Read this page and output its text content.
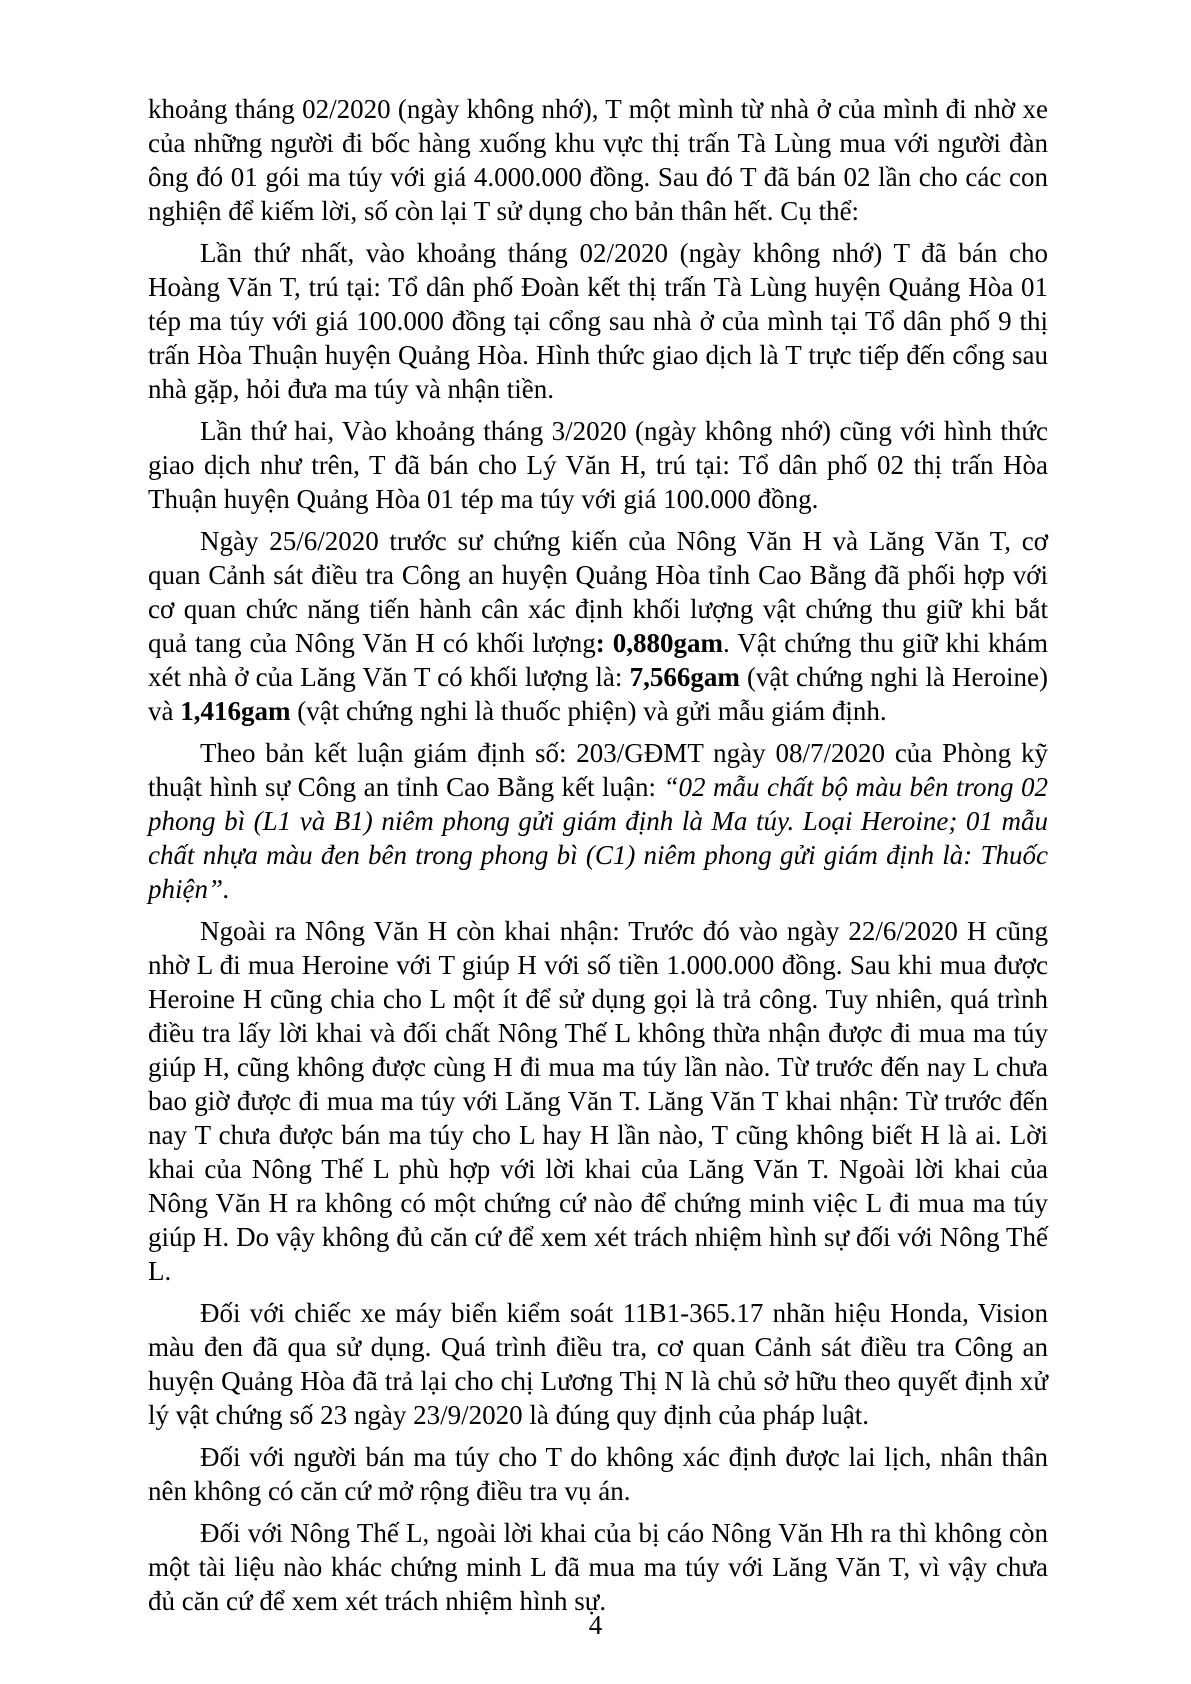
khoảng tháng 02/2020 (ngày không nhớ), T một mình từ nhà ở của mình đi nhờ xe của những người đi bốc hàng xuống khu vực thị trấn Tà Lùng mua với người đàn ông đó 01 gói ma túy với giá 4.000.000 đồng. Sau đó T đã bán 02 lần cho các con nghiện để kiếm lời, số còn lại T sử dụng cho bản thân hết. Cụ thể:

Lần thứ nhất, vào khoảng tháng 02/2020 (ngày không nhớ) T đã bán cho Hoàng Văn T, trú tại: Tổ dân phố Đoàn kết thị trấn Tà Lùng huyện Quảng Hòa 01 tép ma túy với giá 100.000 đồng tại cổng sau nhà ở của mình tại Tổ dân phố 9 thị trấn Hòa Thuận huyện Quảng Hòa. Hình thức giao dịch là T trực tiếp đến cổng sau nhà gặp, hỏi đưa ma túy và nhận tiền.

Lần thứ hai, Vào khoảng tháng 3/2020 (ngày không nhớ) cũng với hình thức giao dịch như trên, T đã bán cho Lý Văn H, trú tại: Tổ dân phố 02 thị trấn Hòa Thuận huyện Quảng Hòa 01 tép ma túy với giá 100.000 đồng.

Ngày 25/6/2020 trước sư chứng kiến của Nông Văn H và Lăng Văn T, cơ quan Cảnh sát điều tra Công an huyện Quảng Hòa tỉnh Cao Bằng đã phối hợp với cơ quan chức năng tiến hành cân xác định khối lượng vật chứng thu giữ khi bắt quả tang của Nông Văn H có khối lượng: 0,880gam. Vật chứng thu giữ khi khám xét nhà ở của Lăng Văn T có khối lượng là: 7,566gam (vật chứng nghi là Heroine) và 1,416gam (vật chứng nghi là thuốc phiện) và gửi mẫu giám định.

Theo bản kết luận giám định số: 203/GĐMT ngày 08/7/2020 của Phòng kỹ thuật hình sự Công an tỉnh Cao Bằng kết luận: “02 mẫu chất bộ màu bên trong 02 phong bì (L1 và B1) niêm phong gửi giám định là Ma túy. Loại Heroine; 01 mẫu chất nhựa màu đen bên trong phong bì (C1) niêm phong gửi giám định là: Thuốc phiện”.

Ngoài ra Nông Văn H còn khai nhận: Trước đó vào ngày 22/6/2020 H cũng nhờ L đi mua Heroine với T giúp H với số tiền 1.000.000 đồng. Sau khi mua được Heroine H cũng chia cho L một ít để sử dụng gọi là trả công. Tuy nhiên, quá trình điều tra lấy lời khai và đối chất Nông Thế L không thừa nhận được đi mua ma túy giúp H, cũng không được cùng H đi mua ma túy lần nào. Từ trước đến nay L chưa bao giờ được đi mua ma túy với Lăng Văn T. Lăng Văn T khai nhận: Từ trước đến nay T chưa được bán ma túy cho L hay H lần nào, T cũng không biết H là ai. Lời khai của Nông Thế L phù hợp với lời khai của Lăng Văn T. Ngoài lời khai của Nông Văn H ra không có một chứng cứ nào để chứng minh việc L đi mua ma túy giúp H. Do vậy không đủ căn cứ để xem xét trách nhiệm hình sự đối với Nông Thế L.

Đối với chiếc xe máy biển kiểm soát 11B1-365.17 nhãn hiệu Honda, Vision màu đen đã qua sử dụng. Quá trình điều tra, cơ quan Cảnh sát điều tra Công an huyện Quảng Hòa đã trả lại cho chị Lương Thị N là chủ sở hữu theo quyết định xử lý vật chứng số 23 ngày 23/9/2020 là đúng quy định của pháp luật.

Đối với người bán ma túy cho T do không xác định được lai lịch, nhân thân nên không có căn cứ mở rộng điều tra vụ án.

Đối với Nông Thế L, ngoài lời khai của bị cáo Nông Văn Hh ra thì không còn một tài liệu nào khác chứng minh L đã mua ma túy với Lăng Văn T, vì vậy chưa đủ căn cứ để xem xét trách nhiệm hình sự.

4
